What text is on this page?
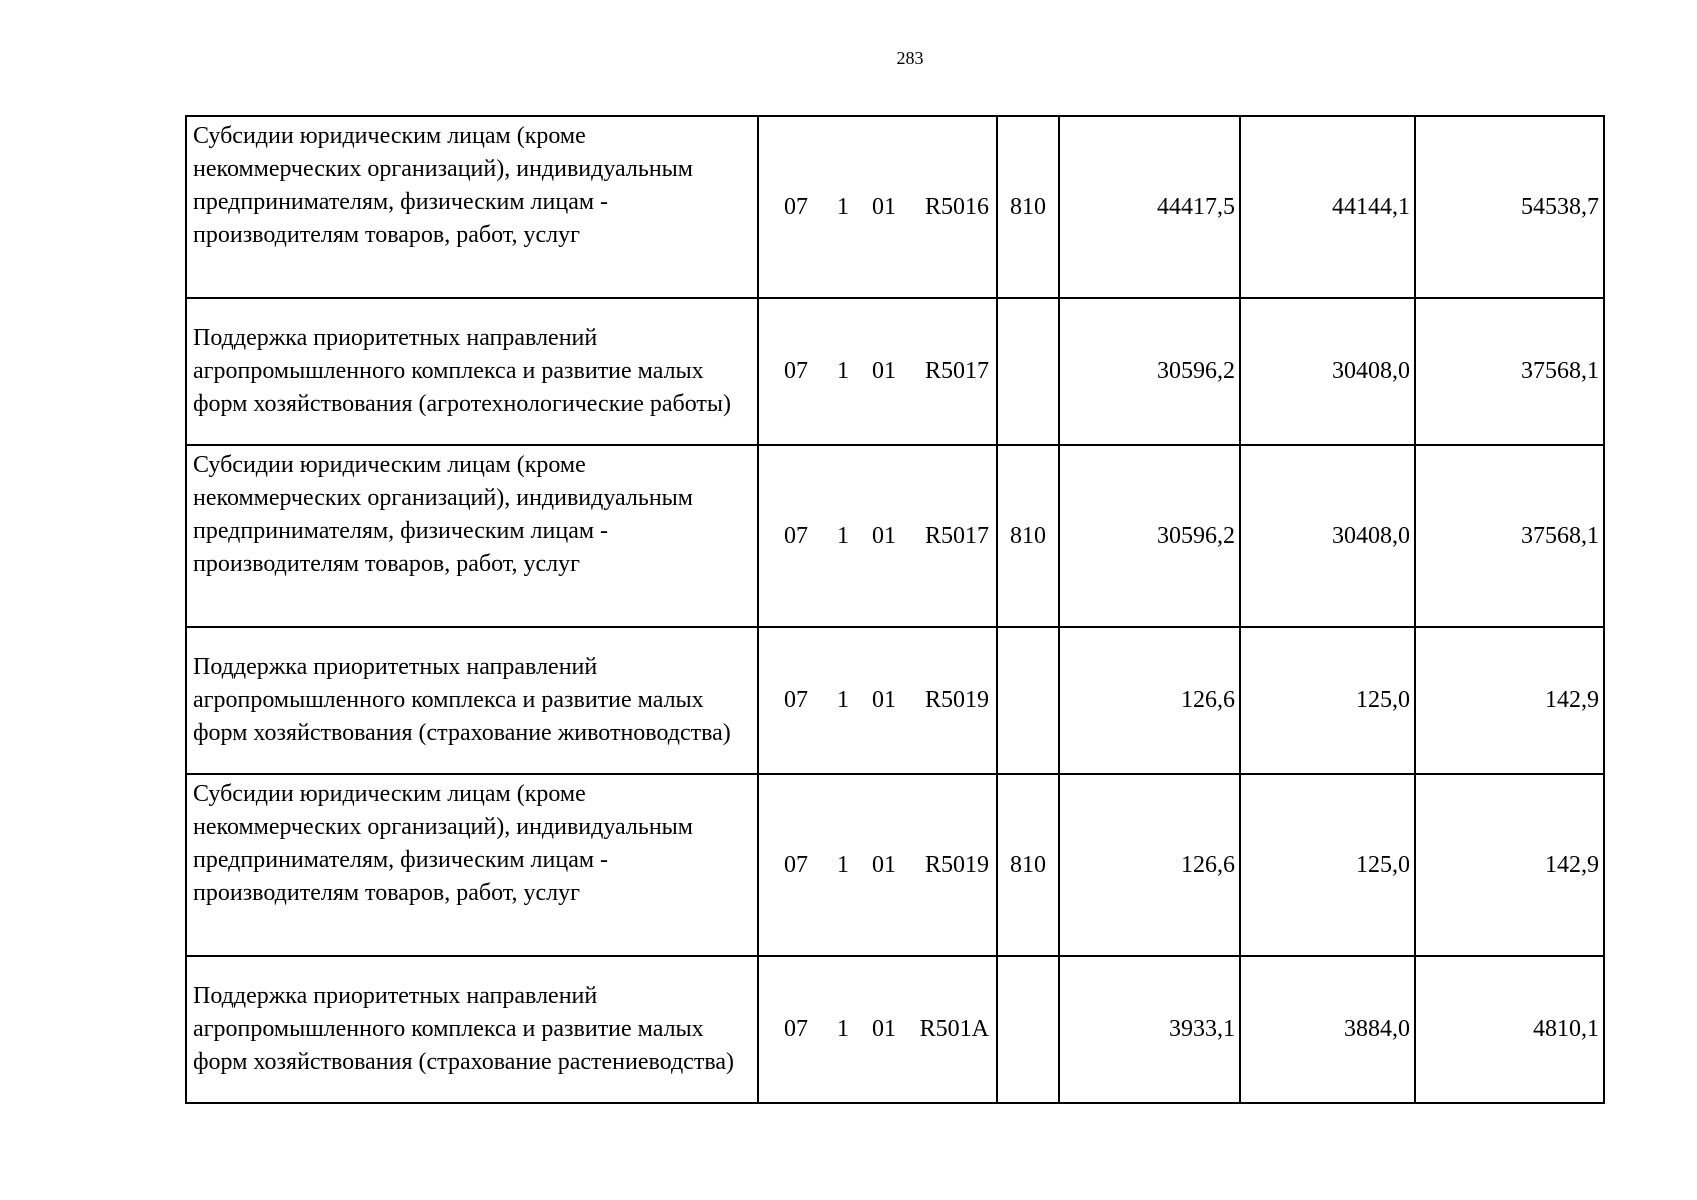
283
Субсидии юридическим лицам (кроме некоммерческих организаций), индивидуальным предпринимателям, физическим лицам - производителям товаров, работ, услуг	07 1 01 R5016	810	44417,5	44144,1	54538,7
Поддержка приоритетных направлений агропромышленного комплекса и развитие малых форм хозяйствования (агротехнологические работы)	07 1 01 R5017		30596,2	30408,0	37568,1
Субсидии юридическим лицам (кроме некоммерческих организаций), индивидуальным предпринимателям, физическим лицам - производителям товаров, работ, услуг	07 1 01 R5017	810	30596,2	30408,0	37568,1
Поддержка приоритетных направлений агропромышленного комплекса и развитие малых форм хозяйствования (страхование животноводства)	07 1 01 R5019		126,6	125,0	142,9
Субсидии юридическим лицам (кроме некоммерческих организаций), индивидуальным предпринимателям, физическим лицам - производителям товаров, работ, услуг	07 1 01 R5019	810	126,6	125,0	142,9
Поддержка приоритетных направлений агропромышленного комплекса и развитие малых форм хозяйствования (страхование растениеводства)	07 1 01 R501A		3933,1	3884,0	4810,1
